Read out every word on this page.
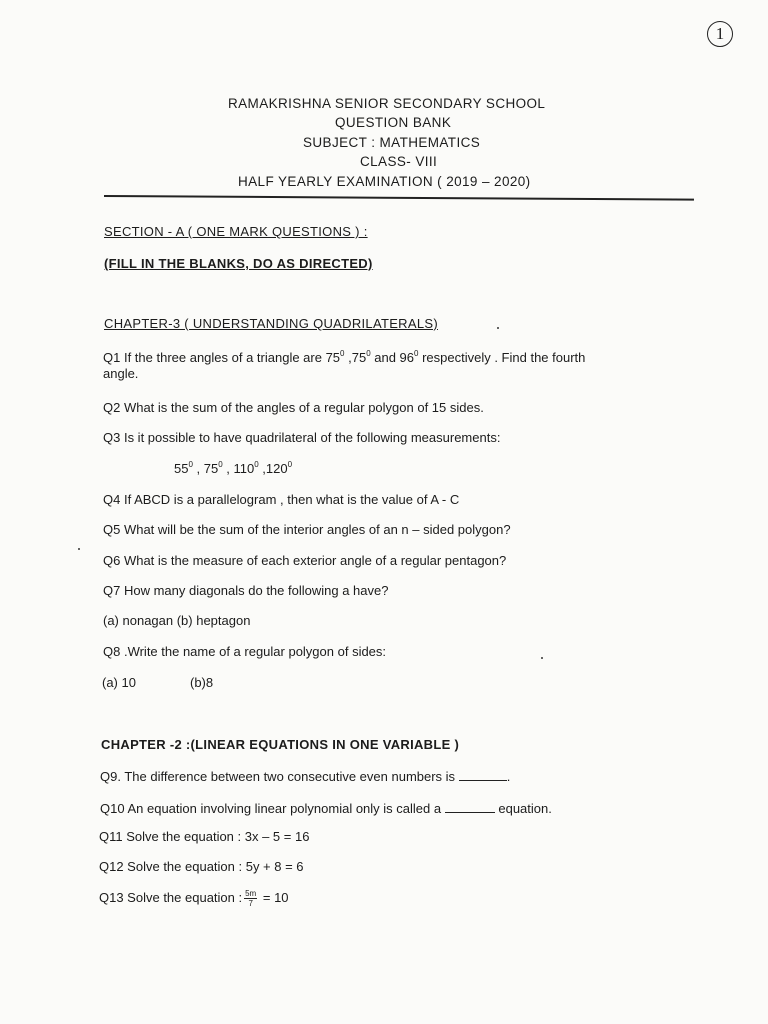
1
RAMAKRISHNA SENIOR SECONDARY SCHOOL
QUESTION BANK
SUBJECT : MATHEMATICS
CLASS- VIII
HALF YEARLY EXAMINATION ( 2019 – 2020)
SECTION - A ( ONE MARK QUESTIONS ) :
(FILL IN THE BLANKS, DO AS DIRECTED)
CHAPTER-3 ( UNDERSTANDING QUADRILATERALS)
Q1 If the three angles of a triangle are $75^0$ $,75^0$ and $96^0$ respectively . Find the fourth
angle.
Q2 What is the sum of the angles of a regular polygon of 15 sides.
Q3 Is it possible to have quadrilateral of the following measurements:
$55^0$ , $75^0$ , $110^0$ ,120$^0$
Q4 If ABCD is a parallelogram , then what is the value of A - C
Q5 What will be the sum of the interior angles of an n – sided polygon?
Q6 What is the measure of each exterior angle of a regular pentagon?
Q7 How many diagonals do the following a have?
(a) nonagan (b) heptagon
Q8 .Write the name of a regular polygon of sides:
(a) 10	(b)8
CHAPTER -2 :(LINEAR EQUATIONS IN ONE VARIABLE )
Q9. The difference between two consecutive even numbers is	.
Q10 An equation involving linear polynomial only is called a	equation.
Q11 Solve the equation : 3x – 5 = 16
Q12 Solve the equation : 5y + 8 = 6
Q13 Solve the equation : $\frac{5m}{7} = 10$
